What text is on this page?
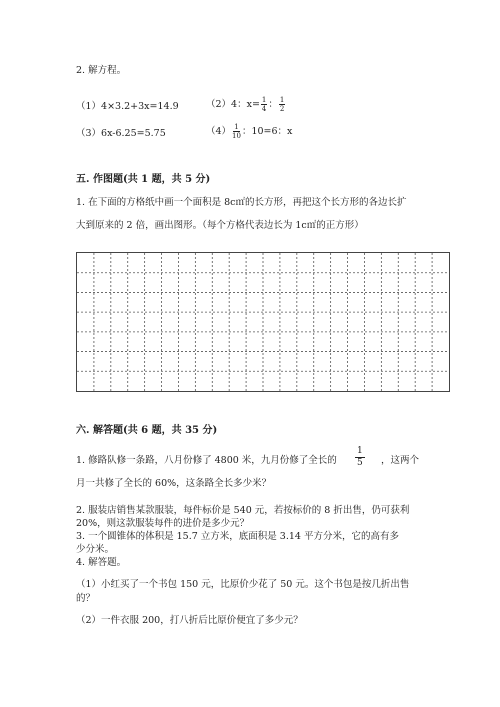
2. 解方程。
（1）4×3.2+3x=14.9	（2）4：$x= \frac{1}{4}$ ： $\frac{1}{2}$
（3）6x-6.25=5.75	$(4) \frac{1}{10}$ ：10=6：x
五. 作图题(共 1 题，共 5 分)
1. 在下面的方格纸中画一个面积是 8c㎡的长方形，再把这个长方形的各边长扩
大到原来的 2 倍，画出图形。（每个方格代表边长为 1c㎡的正方形）
六. 解答题(共 6 题，共 35 分)
1. 修路队修一条路，八月份修了 4800 米，九月份修了全长的 $\frac{1}{5}$ ，这两个
月一共修了全长的 60%，这条路全长多少米？
2. 服装店销售某款服装，每件标价是 540 元，若按标价的 8 折出售，仍可获利
20%，则这款服装每件的进价是多少元？
3. 一个圆锥体的体积是 15.7 立方米，底面积是 3.14 平方分米，它的高有多
少分米。
4. 解答题。
（1）小红买了一个书包 150 元，比原价少花了 50 元。这个书包是按几折出售
的？
（2）一件衣服 200，打八折后比原价便宜了多少元？
